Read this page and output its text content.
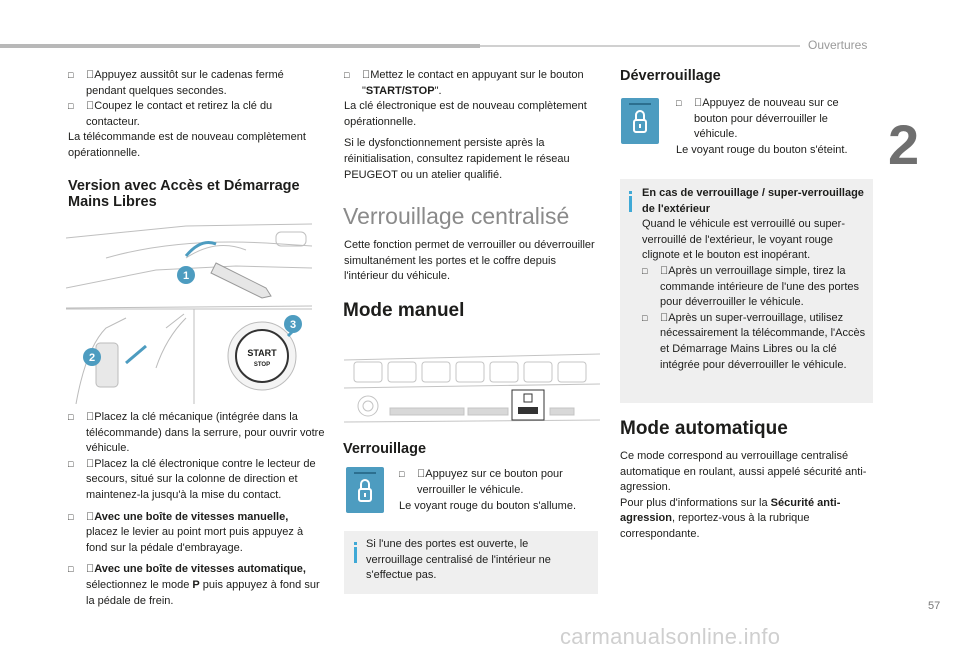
Ouvertures
2
57
carmanualsonline.info
□ Appuyez aussitôt sur le cadenas fermé pendant quelques secondes.
□ Coupez le contact et retirez la clé du contacteur.

La télécommande est de nouveau complètement opérationnelle.

Version avec Accès et Démarrage Mains Libres
START
STOP
1
2
3
□ Placez la clé mécanique (intégrée dans la télécommande) dans la serrure, pour ouvrir votre véhicule.
□ Placez la clé électronique contre le lecteur de secours, situé sur la colonne de direction et maintenez-la jusqu'à la mise du contact.
□ Avec une boîte de vitesses manuelle,
placez le levier au point mort puis appuyez à fond sur la pédale d'embrayage.
□ Avec une boîte de vitesses automatique,
sélectionnez le mode P puis appuyez à fond sur la pédale de frein.
□ Mettez le contact en appuyant sur le bouton "START/STOP".

La clé électronique est de nouveau complètement opérationnelle.

Si le dysfonctionnement persiste après la réinitialisation, consultez rapidement le réseau PEUGEOT ou un atelier qualifié.

Verrouillage centralisé
Cette fonction permet de verrouiller ou déverrouiller simultanément les portes et le coffre depuis l'intérieur du véhicule.
Mode manuel
Verrouillage
□ Appuyez sur ce bouton pour verrouiller le véhicule.
Le voyant rouge du bouton s'allume.
Si l'une des portes est ouverte, le verrouillage centralisé de l'intérieur ne s'effectue pas.
Déverrouillage
□ Appuyez de nouveau sur ce bouton pour déverrouiller le véhicule.

Le voyant rouge du bouton s'éteint.

En cas de verrouillage / super-verrouillage de l'extérieur

Quand le véhicule est verrouillé ou super-verrouillé de l'extérieur, le voyant rouge clignote et le bouton est inopérant.

□ Après un verrouillage simple, tirez la commande intérieure de l'une des portes pour déverrouiller le véhicule.
□ Après un super-verrouillage, utilisez nécessairement la télécommande, l'Accès et Démarrage Mains Libres ou la clé intégrée pour déverrouiller le véhicule.
Mode automatique

Ce mode correspond au verrouillage centralisé automatique en roulant, aussi appelé sécurité anti-agression.

Pour plus d'informations sur la Sécurité anti-agression, reportez-vous à la rubrique correspondante.
